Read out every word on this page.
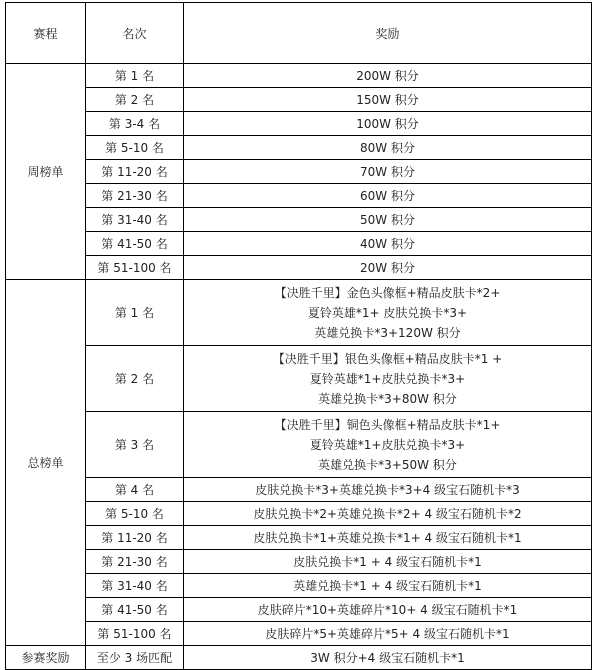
赛程	名次	奖励
周榜单	第 1 名	200W 积分
	第 2 名	150W 积分
	第 3-4 名	100W 积分
	第 5-10 名	80W 积分
	第 11-20 名	70W 积分
	第 21-30 名	60W 积分
	第 31-40 名	50W 积分
	第 41-50 名	40W 积分
	第 51-100 名	20W 积分
总榜单	第 1 名	【决胜千里】金色头像框+精品皮肤卡*2+
夏铃英雄*1+ 皮肤兑换卡*3+
英雄兑换卡*3+120W 积分

	第 2 名	【决胜千里】银色头像框+精品皮肤卡*1 +
夏铃英雄*1+皮肤兑换卡*3+
英雄兑换卡*3+80W 积分

	第 3 名	【决胜千里】铜色头像框+精品皮肤卡*1+
夏铃英雄*1+皮肤兑换卡*3+
英雄兑换卡*3+50W 积分

	第 4 名	皮肤兑换卡*3+英雄兑换卡*3+4 级宝石随机卡*3
	第 5-10 名	皮肤兑换卡*2+英雄兑换卡*2+ 4 级宝石随机卡*2
	第 11-20 名	皮肤兑换卡*1+英雄兑换卡*1+ 4 级宝石随机卡*1
	第 21-30 名	皮肤兑换卡*1 + 4 级宝石随机卡*1
	第 31-40 名	英雄兑换卡*1 + 4 级宝石随机卡*1
	第 41-50 名	皮肤碎片*10+英雄碎片*10+ 4 级宝石随机卡*1
	第 51-100 名	皮肤碎片*5+英雄碎片*5+ 4 级宝石随机卡*1
参赛奖励	至少 3 场匹配	3W 积分+4 级宝石随机卡*1
